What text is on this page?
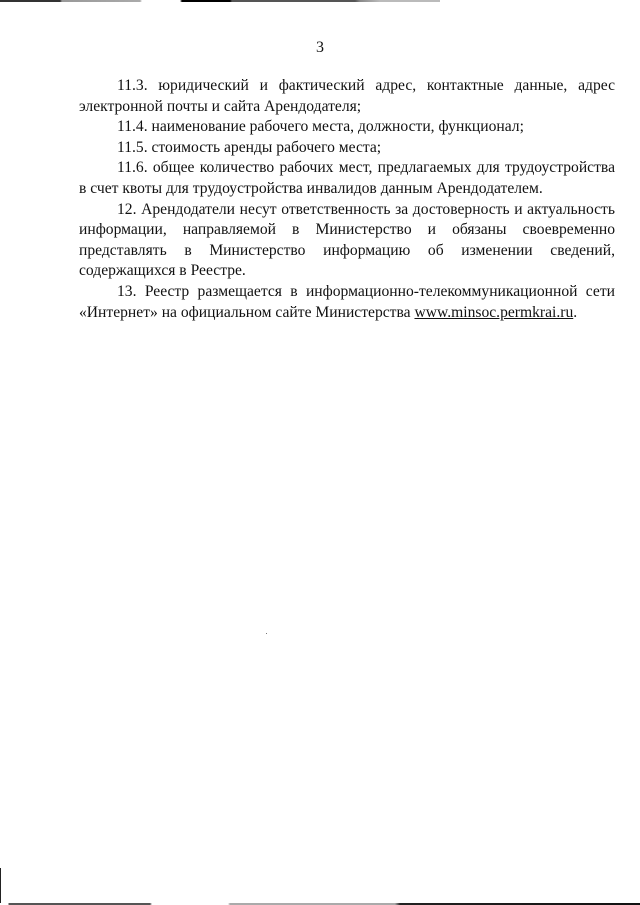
3

11.3. юридический и фактический адрес, контактные данные, адрес электронной почты и сайта Арендодателя;

11.4. наименование рабочего места, должности, функционал;

11.5. стоимость аренды рабочего места;

11.6. общее количество рабочих мест, предлагаемых для трудоустройства в счет квоты для трудоустройства инвалидов данным Арендодателем.

12. Арендодатели несут ответственность за достоверность и актуальность информации, направляемой в Министерство и обязаны своевременно представлять в Министерство информацию об изменении сведений, содержащихся в Реестре.

13. Реестр размещается в информационно-телекоммуникационной сети «Интернет» на официальном сайте Министерства www.minsoc.permkrai.ru.
